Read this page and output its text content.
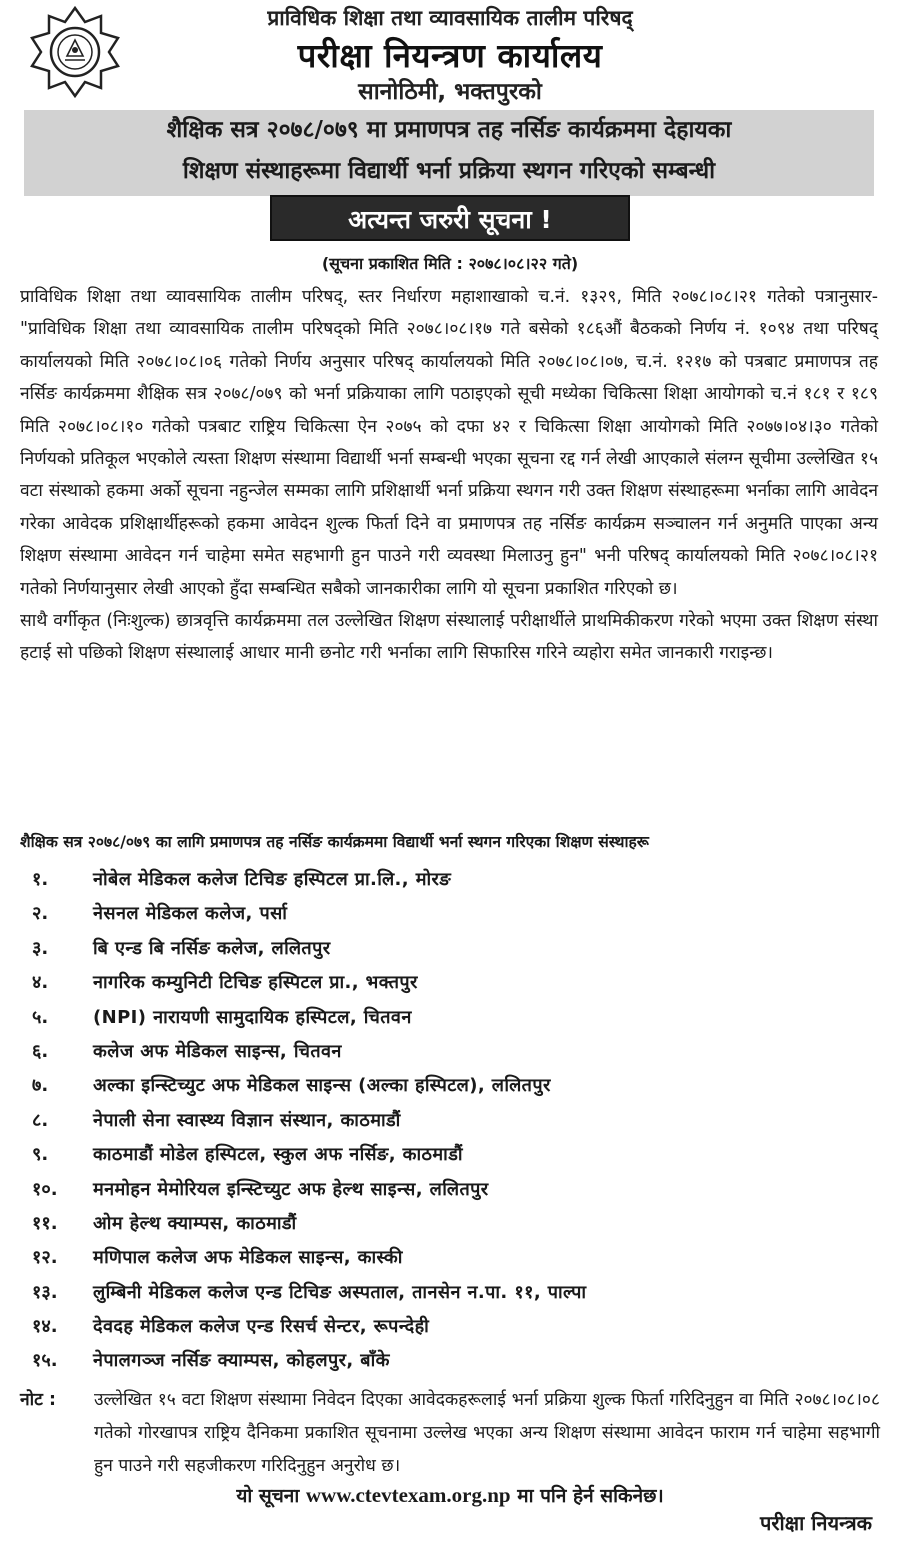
प्राविधिक शिक्षा तथा व्यावसायिक तालीम परिषद्
परीक्षा नियन्त्रण कार्यालय
सानोठिमी, भक्तपुरको
शैक्षिक सत्र २०७८/०७९ मा प्रमाणपत्र तह नर्सिङ कार्यक्रममा देहायका
शिक्षण संस्थाहरूमा विद्यार्थी भर्ना प्रक्रिया स्थगन गरिएको सम्बन्धी
अत्यन्त जरुरी सूचना !
(सूचना प्रकाशित मिति : २०७८।०८।२२ गते)

प्राविधिक शिक्षा तथा व्यावसायिक तालीम परिषद्, स्तर निर्धारण महाशाखाको च.नं. १३२९, मिति २०७८।०८।२१ गतेको पत्रानुसार-"प्राविधिक शिक्षा तथा व्यावसायिक तालीम परिषद्को मिति २०७८।०८।१७ गते बसेको १८६औं बैठकको निर्णय नं. १०९४ तथा परिषद् कार्यालयको मिति २०७८।०८।०६ गतेको निर्णय अनुसार परिषद् कार्यालयको मिति २०७८।०८।०७, च.नं. १२१७ को पत्रबाट प्रमाणपत्र तह नर्सिङ कार्यक्रममा शैक्षिक सत्र २०७८/०७९ को भर्ना प्रक्रियाका लागि पठाइएको सूची मध्येका चिकित्सा शिक्षा आयोगको च.नं १८१ र १८९ मिति २०७८।०८।१० गतेको पत्रबाट राष्ट्रिय चिकित्सा ऐन २०७५ को दफा ४२ र चिकित्सा शिक्षा आयोगको मिति २०७७।०४।३० गतेको निर्णयको प्रतिकूल भएकोले त्यस्ता शिक्षण संस्थामा विद्यार्थी भर्ना सम्बन्धी भएका सूचना रद्द गर्न लेखी आएकाले संलग्न सूचीमा उल्लेखित १५ वटा संस्थाको हकमा अर्को सूचना नहुन्जेल सम्मका लागि प्रशिक्षार्थी भर्ना प्रक्रिया स्थगन गरी उक्त शिक्षण संस्थाहरूमा भर्नाका लागि आवेदन गरेका आवेदक प्रशिक्षार्थीहरूको हकमा आवेदन शुल्क फिर्ता दिने वा प्रमाणपत्र तह नर्सिङ कार्यक्रम सञ्चालन गर्न अनुमति पाएका अन्य शिक्षण संस्थामा आवेदन गर्न चाहेमा समेत सहभागी हुन पाउने गरी व्यवस्था मिलाउनु हुन" भनी परिषद् कार्यालयको मिति २०७८।०८।२१ गतेको निर्णयानुसार लेखी आएको हुँदा सम्बन्धित सबैको जानकारीका लागि यो सूचना प्रकाशित गरिएको छ।

साथै वर्गीकृत (निःशुल्क) छात्रवृत्ति कार्यक्रममा तल उल्लेखित शिक्षण संस्थालाई परीक्षार्थीले प्राथमिकीकरण गरेको भएमा उक्त शिक्षण संस्था हटाई सो पछिको शिक्षण संस्थालाई आधार मानी छनोट गरी भर्नाका लागि सिफारिस गरिने व्यहोरा समेत जानकारी गराइन्छ।

शैक्षिक सत्र २०७८/०७९ का लागि प्रमाणपत्र तह नर्सिङ कार्यक्रममा विद्यार्थी भर्ना स्थगन गरिएका शिक्षण संस्थाहरू
१.	नोबेल मेडिकल कलेज टिचिङ हस्पिटल प्रा.लि., मोरङ
२.	नेसनल मेडिकल कलेज, पर्सा
३.	बि एन्ड बि नर्सिङ कलेज, ललितपुर
४.	नागरिक कम्युनिटी टिचिङ हस्पिटल प्रा., भक्तपुर
५.	(NPI) नारायणी सामुदायिक हस्पिटल, चितवन
६.	कलेज अफ मेडिकल साइन्स, चितवन
७.	अल्का इन्स्टिच्युट अफ मेडिकल साइन्स (अल्का हस्पिटल), ललितपुर
८.	नेपाली सेना स्वास्थ्य विज्ञान संस्थान, काठमाडौं
९.	काठमाडौं मोडेल हस्पिटल, स्कुल अफ नर्सिङ, काठमाडौं
१०.	मनमोहन मेमोरियल इन्स्टिच्युट अफ हेल्थ साइन्स, ललितपुर
११.	ओम हेल्थ क्याम्पस, काठमाडौं
१२.	मणिपाल कलेज अफ मेडिकल साइन्स, कास्की
१३.	लुम्बिनी मेडिकल कलेज एन्ड टिचिङ अस्पताल, तानसेन न.पा. ११, पाल्पा
१४.	देवदह मेडिकल कलेज एन्ड रिसर्च सेन्टर, रूपन्देही
१५.	नेपालगञ्ज नर्सिङ क्याम्पस, कोहलपुर, बाँके
नोट : उल्लेखित १५ वटा शिक्षण संस्थामा निवेदन दिएका आवेदकहरूलाई भर्ना प्रक्रिया शुल्क फिर्ता गरिदिनुहुन वा मिति २०७८।०८।०८ गतेको गोरखापत्र राष्ट्रिय दैनिकमा प्रकाशित सूचनामा उल्लेख भएका अन्य शिक्षण संस्थामा आवेदन फाराम गर्न चाहेमा सहभागी हुन पाउने गरी सहजीकरण गरिदिनुहुन अनुरोध छ।
यो सूचना www.ctevtexam.org.np मा पनि हेर्न सकिनेछ।
परीक्षा नियन्त्रक
